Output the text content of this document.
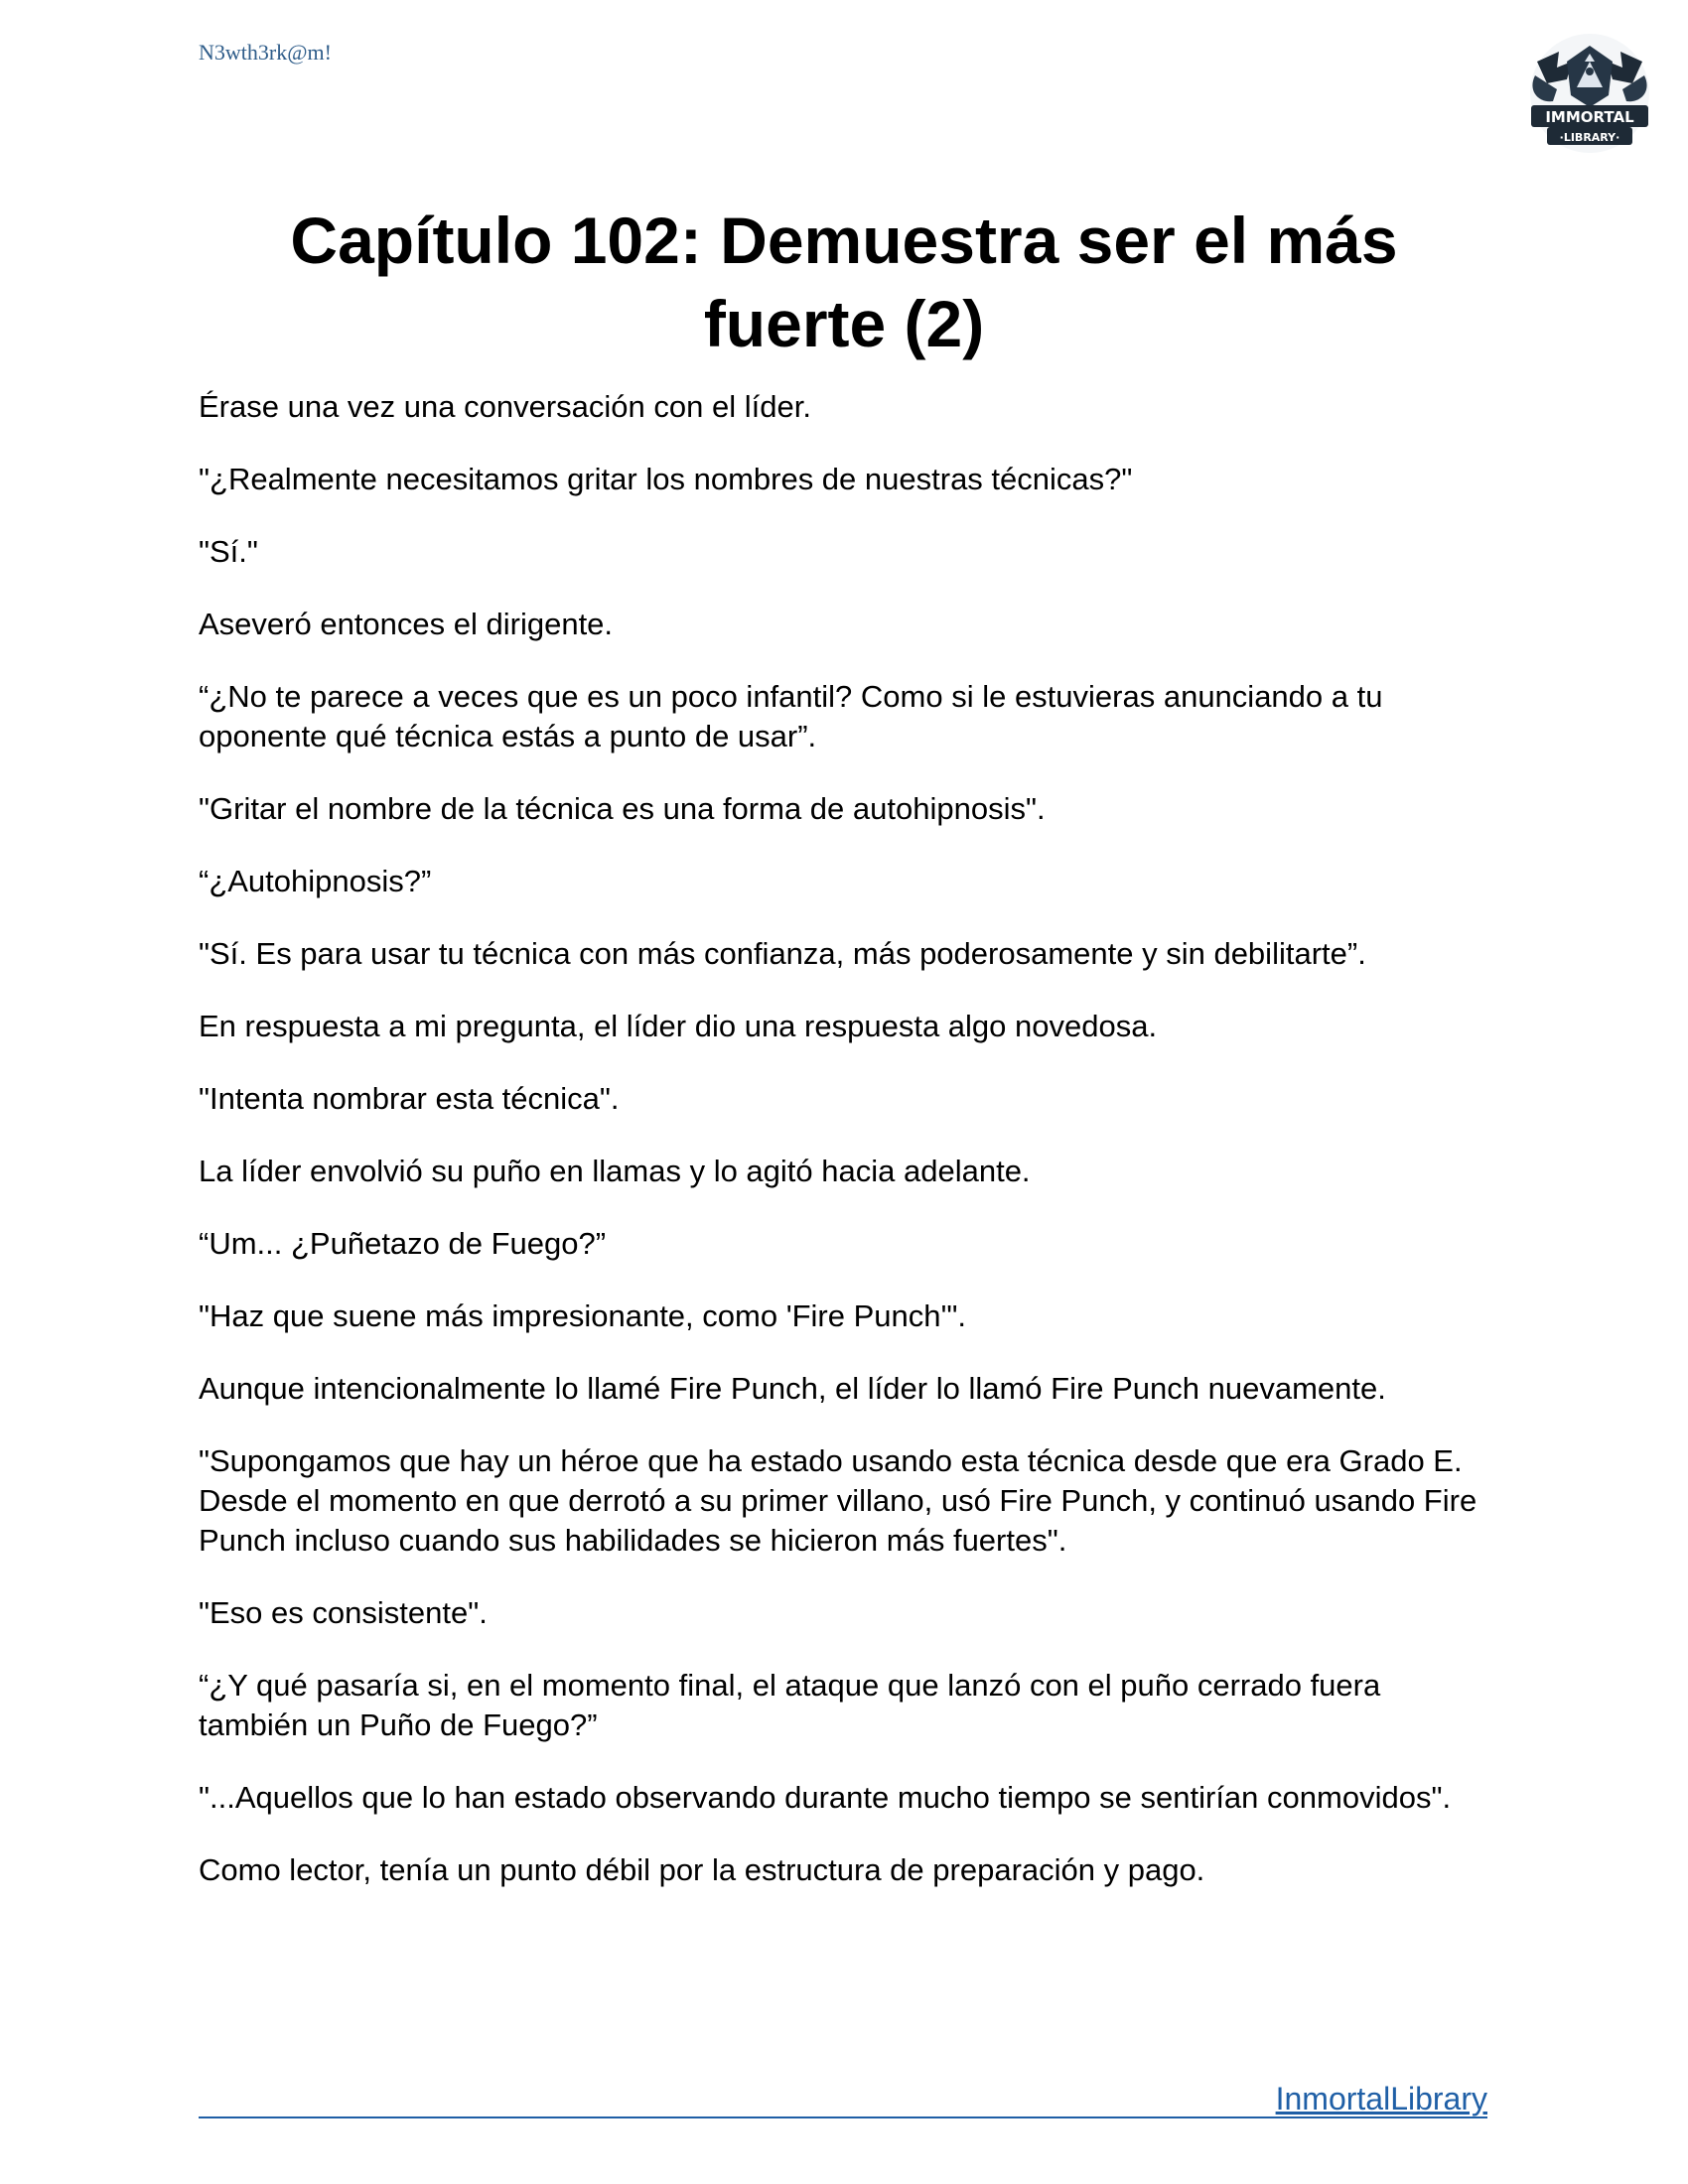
N3wth3rk@m!
IMMORTAL
·LIBRARY·
Capítulo 102: Demuestra ser el más fuerte (2)

Érase una vez una conversación con el líder.

"¿Realmente necesitamos gritar los nombres de nuestras técnicas?"

"Sí."

Aseveró entonces el dirigente.

“¿No te parece a veces que es un poco infantil? Como si le estuvieras anunciando a tu oponente qué técnica estás a punto de usar”.

"Gritar el nombre de la técnica es una forma de autohipnosis".

“¿Autohipnosis?”

"Sí. Es para usar tu técnica con más confianza, más poderosamente y sin debilitarte”.

En respuesta a mi pregunta, el líder dio una respuesta algo novedosa.

"Intenta nombrar esta técnica".

La líder envolvió su puño en llamas y lo agitó hacia adelante.

“Um... ¿Puñetazo de Fuego?”

"Haz que suene más impresionante, como 'Fire Punch'".

Aunque intencionalmente lo llamé Fire Punch, el líder lo llamó Fire Punch nuevamente.

"Supongamos que hay un héroe que ha estado usando esta técnica desde que era Grado E. Desde el momento en que derrotó a su primer villano, usó Fire Punch, y continuó usando Fire Punch incluso cuando sus habilidades se hicieron más fuertes".

"Eso es consistente".

“¿Y qué pasaría si, en el momento final, el ataque que lanzó con el puño cerrado fuera también un Puño de Fuego?”

"...Aquellos que lo han estado observando durante mucho tiempo se sentirían conmovidos".

Como lector, tenía un punto débil por la estructura de preparación y pago.

InmortalLibrary
